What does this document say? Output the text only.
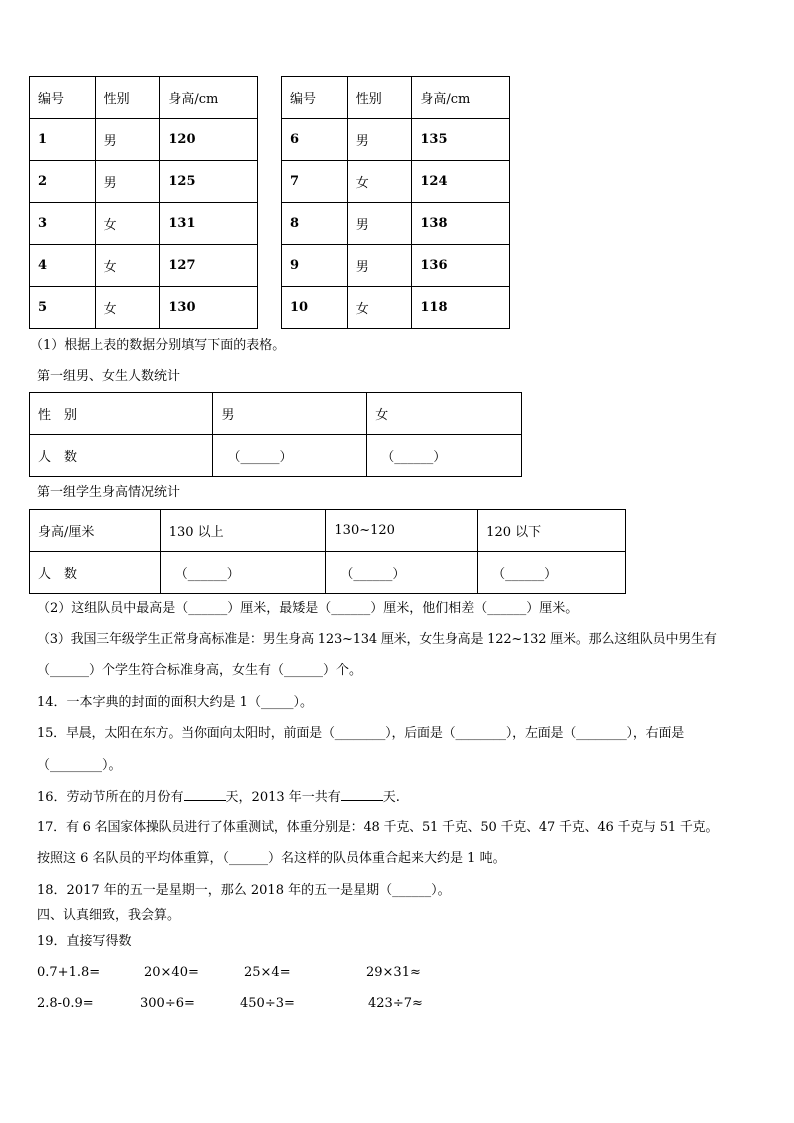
编号	性别	身高/cm
1	男	120
2	男	125
3	女	131
4	女	127
5	女	130
编号	性别	身高/cm
6	男	135
7	女	124
8	男	138
9	男	136
10	女	118
（1）根据上表的数据分别填写下面的表格。
第一组男、女生人数统计
性　别	男	女
人　数	（______）	（______）
第一组学生身高情况统计
身高/厘米	130 以上	130~120	120 以下
人　数	（______）	（______）	（______）
（2）这组队员中最高是（______）厘米，最矮是（______）厘米，他们相差（______）厘米。
（3）我国三年级学生正常身高标准是：男生身高 123~134 厘米，女生身高是 122~132 厘米。那么这组队员中男生有
（______）个学生符合标准身高，女生有（______）个。
14．一本字典的封面的面积大约是 1（_____）。
15．早晨，太阳在东方。当你面向太阳时，前面是（________），后面是（________），左面是（________），右面是
（________）。
16．劳动节所在的月份有	天，2013 年一共有	天.
17．有 6 名国家体操队员进行了体重测试，体重分别是：48 千克、51 千克、50 千克、47 千克、46 千克与 51 千克。
按照这 6 名队员的平均体重算，（______）名这样的队员体重合起来大约是 1 吨。
18．2017 年的五一是星期一，那么 2018 年的五一是星期（______）。
四、认真细致，我会算。
19．直接写得数
0.7+1.8=	20×40=	25×4=	29×31≈
2.8-0.9=	300÷6=	450÷3=	423÷7≈
